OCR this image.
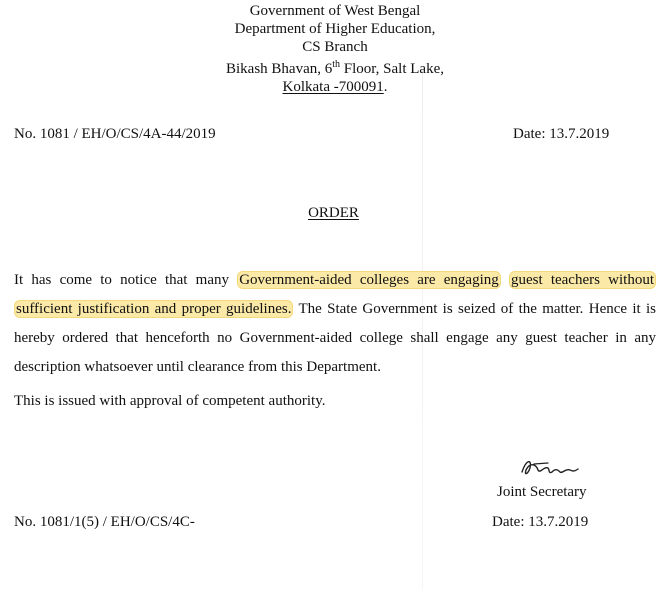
Government of West Bengal
Department of Higher Education,
CS Branch
Bikash Bhavan, 6th Floor, Salt Lake,
Kolkata -700091.
No. 1081 / EH/O/CS/4A-44/2019	Date: 13.7.2019
ORDER
It has come to notice that many Government-aided colleges are engaging guest teachers without sufficient justification and proper guidelines. The State Government is seized of the matter. Hence it is hereby ordered that henceforth no Government-aided college shall engage any guest teacher in any description whatsoever until clearance from this Department.
This is issued with approval of competent authority.
Joint Secretary
No. 1081/1(5) / EH/O/CS/4C-	Date: 13.7.2019
